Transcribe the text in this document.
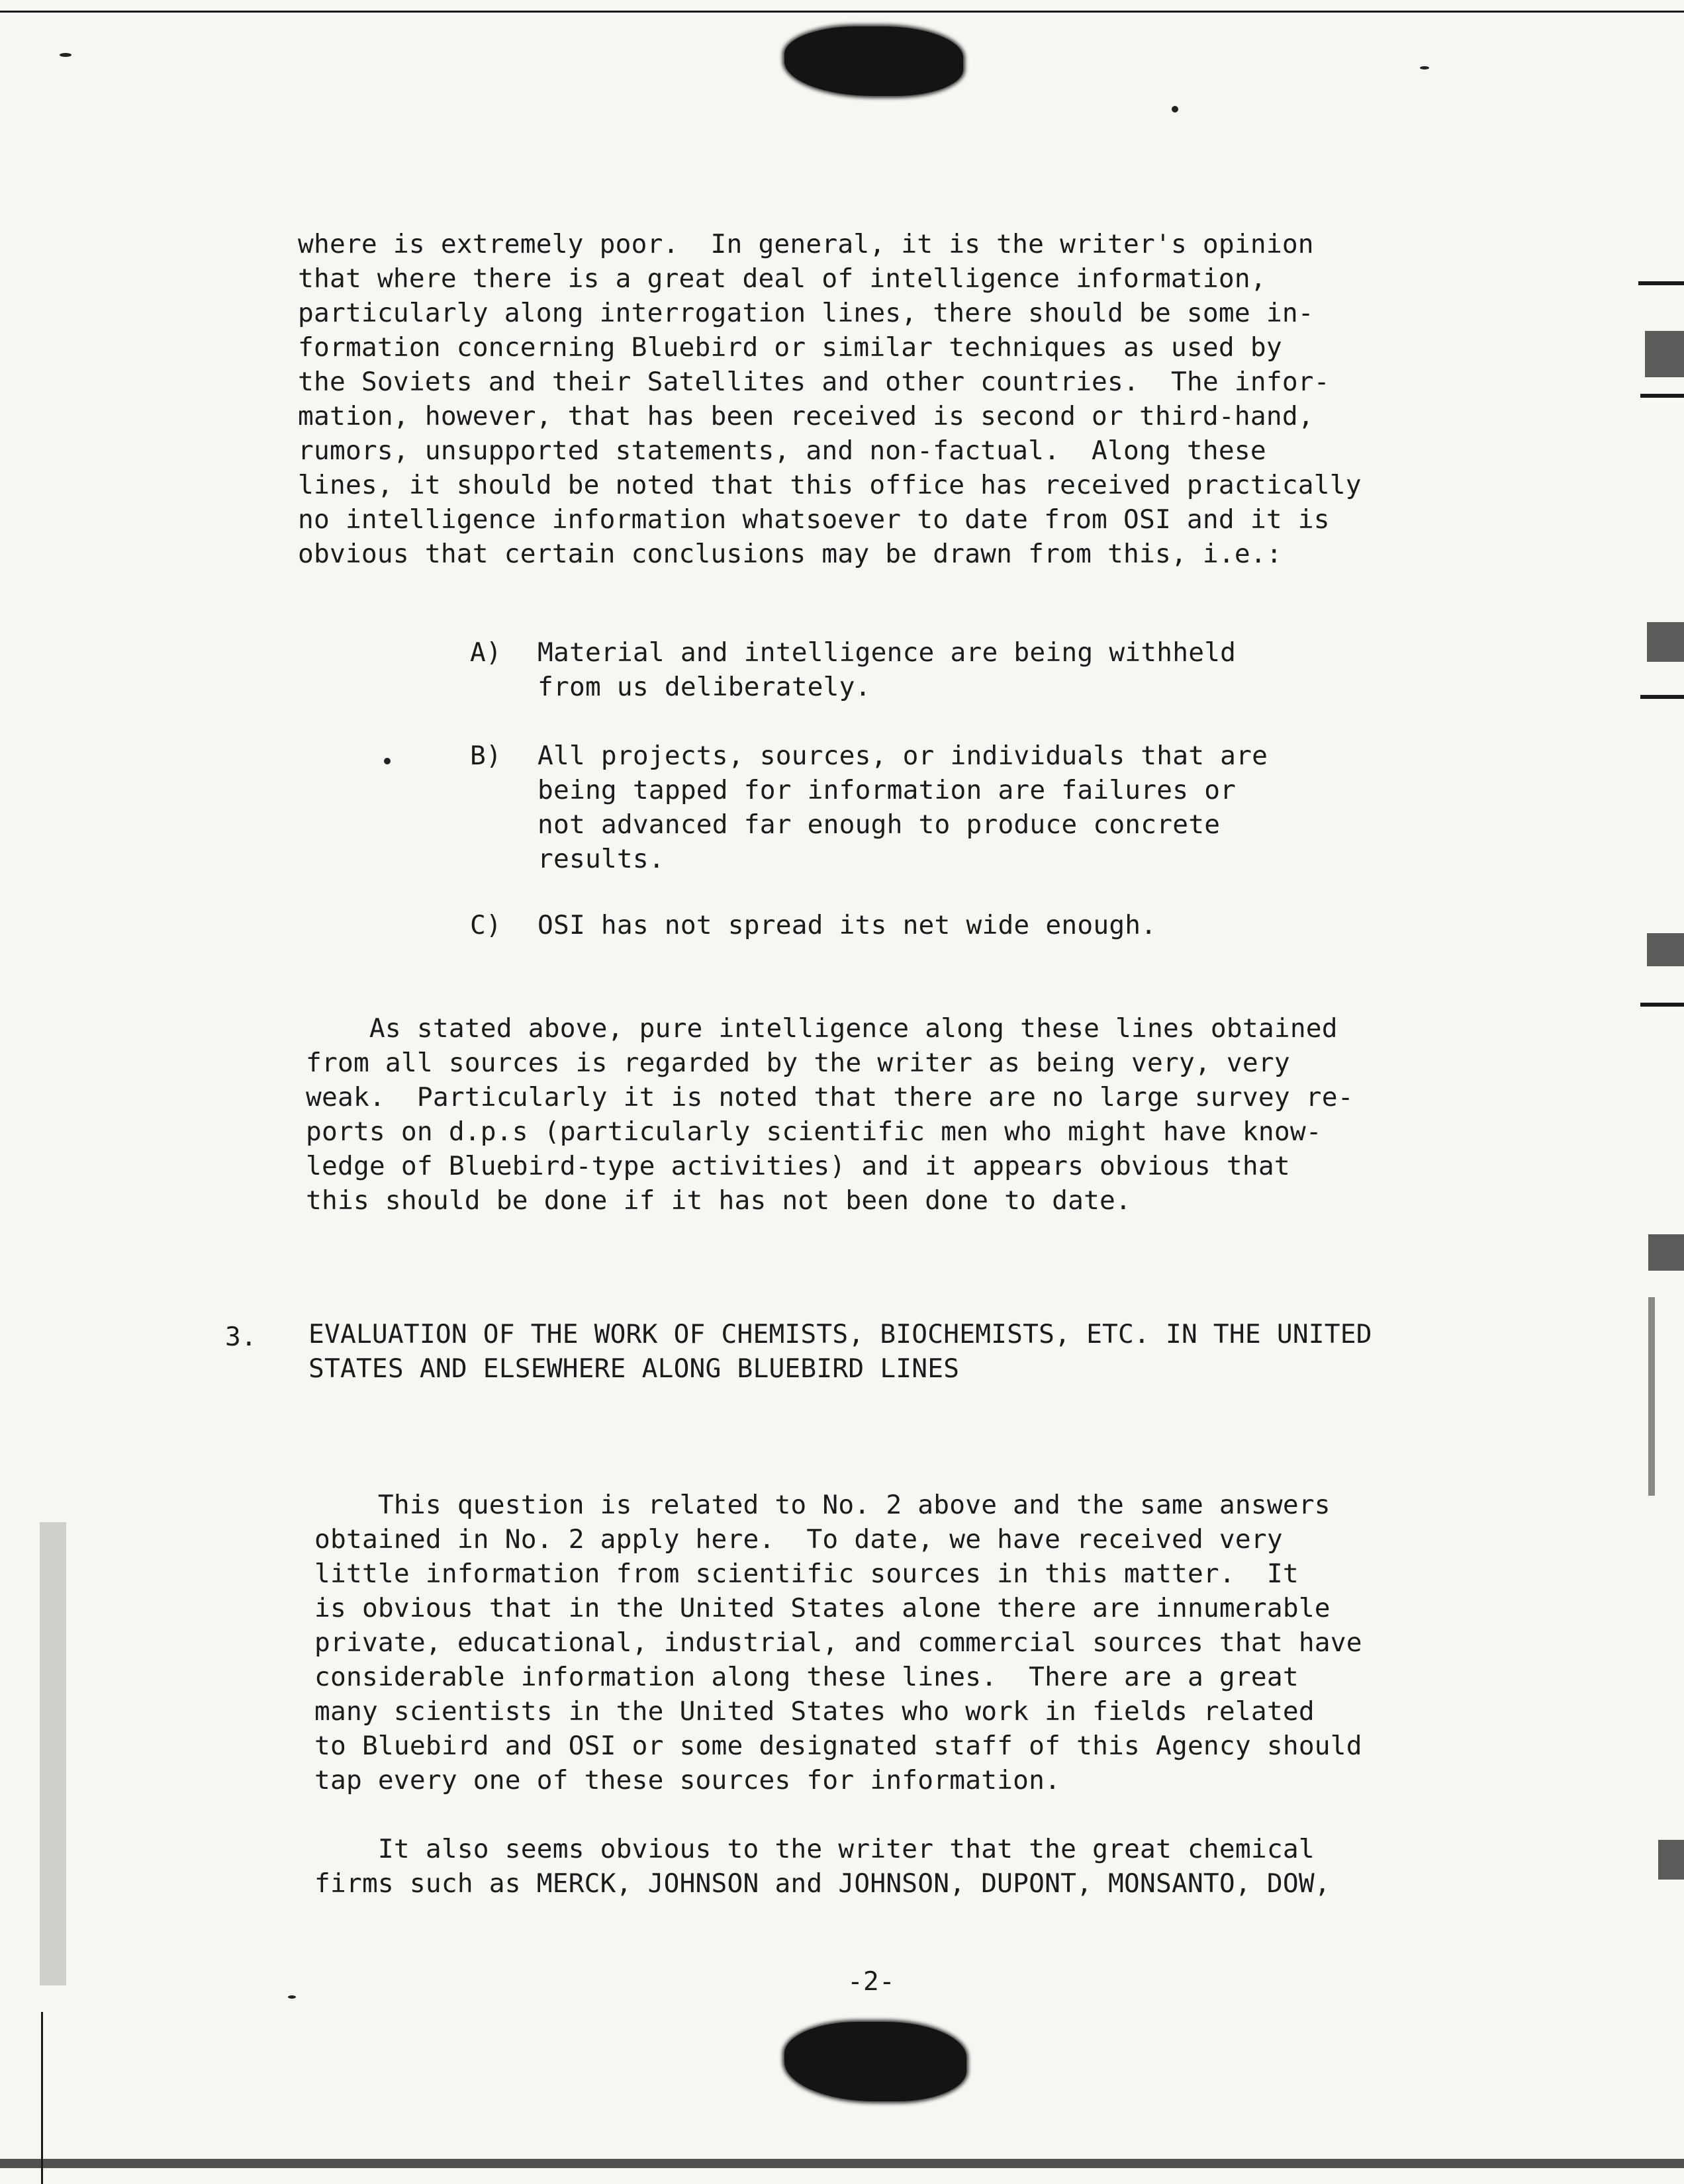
where is extremely poor.  In general, it is the writer's opinion
that where there is a great deal of intelligence information,
particularly along interrogation lines, there should be some in-
formation concerning Bluebird or similar techniques as used by
the Soviets and their Satellites and other countries.  The infor-
mation, however, that has been received is second or third-hand,
rumors, unsupported statements, and non-factual.  Along these
lines, it should be noted that this office has received practically
no intelligence information whatsoever to date from OSI and it is
obvious that certain conclusions may be drawn from this, i.e.:
A) Material and intelligence are being withheld
from us deliberately.
B) All projects, sources, or individuals that are
being tapped for information are failures or
not advanced far enough to produce concrete
results.
C) OSI has not spread its net wide enough.
As stated above, pure intelligence along these lines obtained
from all sources is regarded by the writer as being very, very
weak.  Particularly it is noted that there are no large survey re-
ports on d.p.s (particularly scientific men who might have know-
ledge of Bluebird-type activities) and it appears obvious that
this should be done if it has not been done to date.
3. EVALUATION OF THE WORK OF CHEMISTS, BIOCHEMISTS, ETC. IN THE UNITED
STATES AND ELSEWHERE ALONG BLUEBIRD LINES
This question is related to No. 2 above and the same answers
obtained in No. 2 apply here.  To date, we have received very
little information from scientific sources in this matter.  It
is obvious that in the United States alone there are innumerable
private, educational, industrial, and commercial sources that have
considerable information along these lines.  There are a great
many scientists in the United States who work in fields related
to Bluebird and OSI or some designated staff of this Agency should
tap every one of these sources for information.
It also seems obvious to the writer that the great chemical
firms such as MERCK, JOHNSON and JOHNSON, DUPONT, MONSANTO, DOW,
-2-
